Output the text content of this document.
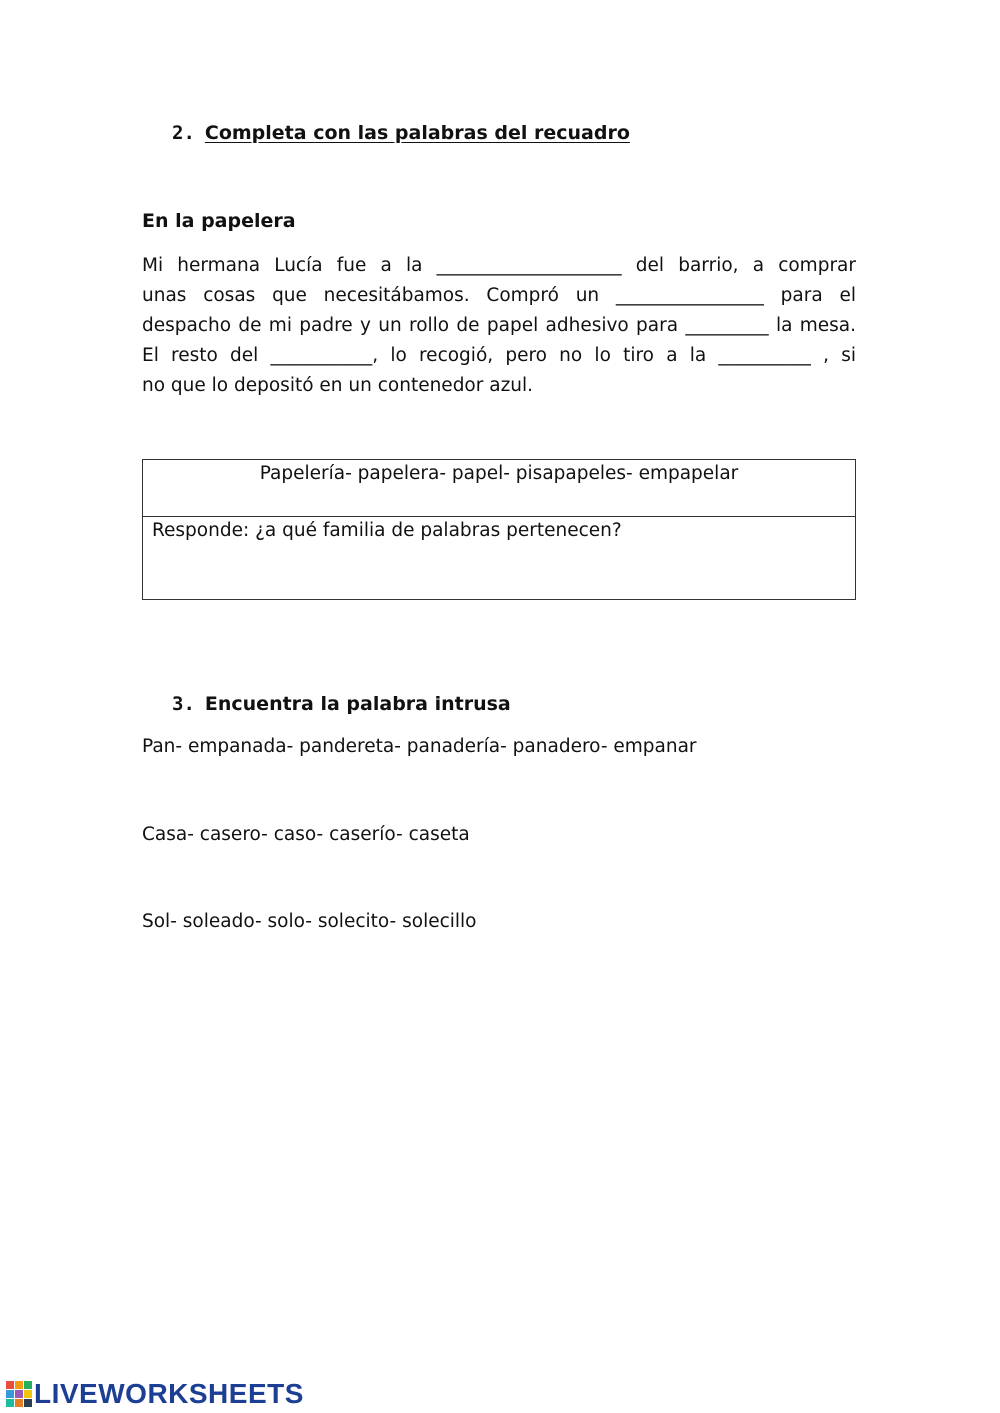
2. Completa con las palabras del recuadro
En la papelera
Mi hermana Lucía fue a la ____________________ del barrio, a comprar
unas cosas que necesitábamos. Compró un ________________ para el
despacho de mi padre y un rollo de papel adhesivo para _________ la mesa.
El resto del ___________, lo recogió, pero no lo tiro a la __________ , si
no que lo depositó en un contenedor azul.
Papelería- papelera- papel- pisapapeles- empapelar
Responde: ¿a qué familia de palabras pertenecen?
3. Encuentra la palabra intrusa
Pan- empanada- pandereta- panadería- panadero- empanar
Casa- casero- caso- caserío- caseta
Sol- soleado- solo- solecito- solecillo
LIVEWORKSHEETS
